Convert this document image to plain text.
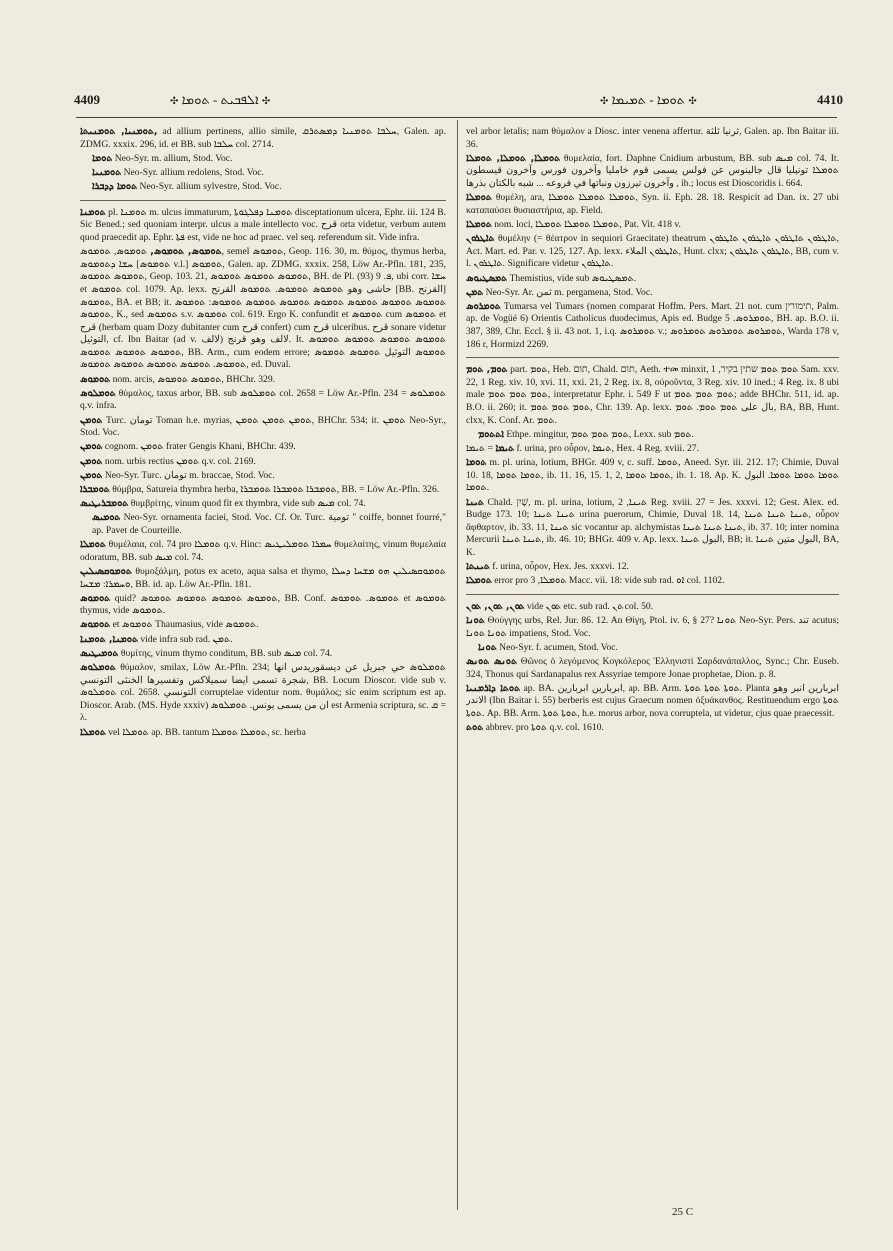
4409	✣ ܐܠܦܒܝܬ - ܬܘܡܐ ✣	✣ ܬܘܡܐ - ܬܡܝܡܐ ✣	4410

ܬܘܡܢܝܐ, ܬܘܡܢܝܬܐ, ad allium pertinens, allio simile, ܚܠܒܐ ܬܘܡܢܝܐ ܕܡܣܬܪܩ, Galen. ap. ZDMG. xxxix. 296, id. et BB. sub ܚܠܒܐ col. 2714.

ܬܘܡܐ Neo-Syr. m. allium, Stod. Voc.

ܬܘܡܢܝܐ Neo-Syr. allium redolens, Stod. Voc.

ܬܘܡܐ ܕܕܒܪܐ Neo-Syr. allium sylvestre, Stod. Voc.

ܬܘܡܢܐ pl. ܬܘܡܢܐ m. ulcus immaturum, ܬܘܡܢܐ ܕܦܠܓܘܬܐ disceptationum ulcera, Ephr. iii. 124 B. Sic Bened.; sed quoniam interpr. ulcus a male intellecto voc. قرح orta videtur, verbum autem quod praecedit ap. Ephr. ܦܬܐ est, vide ne hoc ad praec. vel seq. referendum sit. Vide infra.

ܬܘܡܘܣ, ܬܘܡܘܣ, ܬܘܡܘܣ, ܬܘܡܘܣ, semel ܬܘܡܘܣ, Geop. 116. 30, m. θύμος, thymus herba, ܚܫܐ ܕܬܘܡܘܣ [ܬܘܡܘܣ v.l.] ܬܘܡܘܣ, Galen. ap. ZDMG. xxxix. 258, Löw Ar.-Pfln. 181, 235, ܬܘܡܘܣ ܬܘܡܘܣ, Geop. 103. 21, ܬܘܡܘܣ ܬܘܡܘܣ ܬܘܡܘܣ, BH. de Pl. ܦ. 9 (93), ubi corr. ܚܫܐ et ܬܘܡܘܣ col. 1079. Ap. lexx. حاشى وهو ܬܘܡܘܣ ܬܘܡܘܣ. ܬܘܡܘܣ القرنح [BB. القرنح] ܬܘܡܘܣ, BA. et BB; it. ܬܘܡܘܣ ܬܘܡܘܣ ܬܘܡܘܣ ܬܘܡܘܣ ܬܘܡܘܣ ܬܘܡܘܣ ܬܘܡܘܣ: ܬܘܡܘܣ ܬܘܡܘܣ, K., sed ܬܘܡܘܣ s.v. ܬܘܡܘܣ col. 619. Ergo K. confundit et ܬܘܡܘܣ cum ܬܘܡܘܣ et قرح (herbam quam Dozy dubitanter cum قرح confert) cum قرح ulceribus. قرح sonare videtur التوثيل, cf. Ibn Baitar (ad v. لالف) لالف وهو قرنج. It. ܬܘܡܘܣ ܬܘܡܘܣ ܬܘܡܘܣ ܬܘܡܘܣ ܬܘܡܘܣ ܬܘܡܘܣ ܬܘܡܘܣ, BB. Arm., cum eodem errore; ܬܘܡܘܣ التوثيل ܬܘܡܘܣ ܬܘܡܘܣ ܬܘܡܘܣ. ܬܘܡܘܣ ܬܘܡܘܣ ܬܘܡܘܣ ܬܘܡܘܣ, ed. Duval.

ܬܘܡܘܣ nom. arcis, ܬܘܡܘܣ ܬܘܡܘܣ, BHChr. 329.

ܬܘܡܠܘܣ θύμαλος, taxus arbor, BB. sub ܬܘܡܠܘܣ col. 2658 = Löw Ar.-Pfln. 234 = ܬܘܡܠܘܣ q.v. infra.

ܬܘܡܢ Turc. تومان Toman h.e. myrias, ܬܘܡܢ ܬܘܡܢ ܬܘܡܢ, BHChr. 534; it. ܬܘܡܢ Neo-Syr., Stod. Voc.

ܬܘܡܢ cognom. ܬܘܡܢ frater Gengis Khani, BHChr. 439.

ܬܘܡܢ nom. urbis rectius ܬܘܡܢ q.v. col. 2169.

ܬܘܡܢ Neo-Syr. Turc. تومان m. braccae, Stod. Voc.

ܬܘܡܒܪܐ θύμβρα, Satureia thymbra herba, ܬܘܡܒܪܐ ܬܘܡܒܪܐ ܬܘܡܒܪܐ, BB. = Löw Ar.-Pfln. 326.

ܬܘܡܒܪܝܛܝܣ θυμβρίτης, vinum quod fit ex thymbra, vide sub ܡܝܣ col. 74.

ܬܘܡܝܣ Neo-Syr. ornamenta faciei, Stod. Voc. Cf. Or. Turc. تومية " coiffe, bonnet fourré," ap. Pavet de Courteille.

ܬܘܡܠܐ θυμέλαια, col. 74 pro ܬܘܡܠܐ q.v. Hinc: ܚܡܪܐ ܬܘܡܠܝܛܝܣ θυμελαίτης, vinum θυμελαία odoratum, BB. sub ܡܝܣ col. 74.

ܬܘܡܘܩܣܝܠܝܢ θυμοξάλμη, potus ex aceto, aqua salsa et thymo, ܬܘܡܘܩܣܝܠܝܢ ܗܘ ܡܫܚܐ ܕܚܠܐ ܘܚܡܪܐ: ܡܫܚܐ, BB. id. ap. Löw Ar.-Pfln. 181.

ܬܘܡܘܣ quid? ܬܘܡܘܣ ܬܘܡܘܣ ܬܘܡܘܣ ܬܘܡܘܣ, BB. Conf. ܬܘܡܘܣ. ܬܘܡܘܣ et ܬܘܡܘܣ thymus, vide ܬܘܡܘܣ.

ܬܘܡܘܣ et ܬܘܡܘܣ Thaumasius, vide ܬܘܡܘܣ.

ܬܘܡܢܐ, ܬܘܡܢܐ vide infra sub rad. ܬܡܢ.

ܬܘܡܝܛܝܣ θυμίτης, vinum thymo conditum, BB. sub ܡܝܣ col. 74.

ܬܘܡܠܘܣ θύμαλον, smilax, Löw Ar.-Pfln. 234; ܬܘܡܠܘܣ حي جبريل عن ديسقوريدس انها شجرة تسمى ايضا سميلاكس وتفسيرها الخنثى التونسي, BB. Locum Dioscor. vide sub v. ܬܘܡܠܘܣ col. 2658. التونسي corruptelae videntur nom. θυμάλος; sic enim scriptum est ap. Dioscor. Arab. (MS. Hyde xxxiv) ان من يسمى يونس. ܬܘܡܠܘܣ est Armenia scriptura, sc. ܩ = λ.

ܬܘܡܠܐ vel ܬܘܡܠܐ ap. BB. tantum ܬܘܡܠܐ ܬܘܡܠܐ, sc. herba

vel arbor letalis; nam θύμαλον a Diosc. inter venena affertur. ثرنيا ثلثة, Galen. ap. Ibn Baitar iii. 36.

ܬܘܡܠܐ, ܬܘܡܠܐ, ܬܘܡܠܐ θυμελαία, fort. Daphne Cnidium arbustum, BB. sub ܡܝܣ col. 74. It. ܬܘܡܠܐ تونيليا قال جالينوس عن فولس يسمى قوم خامليا وآخرون فورس وآخرون قيسطون وآخرون تيرزون ونباتها في فروعه ... شبه بالكتان بذرها , ib.; locus est Dioscoridis i. 664.

ܬܘܡܠܐ θυμέλη, ara, ܬܘܡܠܐ ܬܘܡܠܐ ܬܘܡܠܐ, Syn. ii. Eph. 28. 18. Respicit ad Dan. ix. 27 ubi καταπαύσει θυσιαστήρια, ap. Field.

ܬܘܡܠܐ nom. loci, ܬܘܡܠܐ ܬܘܡܠܐ ܬܘܡܠܐ, Pat. Vit. 418 v.

ܬܐܛܪܘܢ θυμέλην (= θέατρον in sequiori Graecitate) theatrum ܬܐܛܪܘܢ ܬܐܛܪܘܢ ܬܐܛܪܘܢ ܬܐܛܪܘܢ, Act. Mart. ed. Par. v. 125, 127. Ap. lexx. ܬܐܛܪܘܢ الملاء, Hunt. clxx; ܬܐܛܪܘܢ ܬܐܛܪܘܢ, BB, cum v. l. ܬܐܛܪܘܢ. Significare videtur ܬܐܛܪܘܢ.

ܬܡܣܛܝܘܣ Themistius, vide sub ܬܡܣܛܝܘܣ.

ܬܡܢ Neo-Syr. Ar. ثمن m. pergamena, Stod. Voc.

ܬܘܡܪܘܣ Tumarsa vel Tumars (nomen comparat Hoffm. Pers. Mart. 21 not. cum תימורין, Palm. ap. de Vogüé 6) Orientis Catholicus duodecimus, Apis ed. Budge ܬܘܡܪܘܣ. 5, BH. ap. B.O. ii. 387, 389, Chr. Eccl. § ii. 43 not. 1, i.q. ܬܘܡܪܘܣ v.; ܬܘܡܪܘܣ ܬܘܡܪܘܣ ܬܘܡܪܘܣ, Warda 178 v, 186 r, Hormizd 2269.

ܬܘܡ, ܬܘܡ part. ܬܘܡ, Heb. תום, Chald. תום, Aeth. ተመ minxit, ܬܘܡ ܬܘܡ שתין בקיר, 1 Sam. xxv. 22, 1 Reg. xiv. 10, xvi. 11, xxi. 21, 2 Reg. ix. 8, οὐροῦντα, 3 Reg. xiv. 10 ined.; 4 Reg. ix. 8 ubi male ܬܘܡ ܬܘܡ ܬܘܡ, interpretatur Ephr. i. 549 F ut ܬܘܡ ܬܘܡ ܬܘܡ; adde BHChr. 511, id. ap. B.O. ii. 260; it. ܬܘܡ ܬܘܡ ܬܘܡ, Chr. 139. Ap. lexx. بال على ܬܘܡ ܬܘܡ. ܬܘܡ, BA, BB, Hunt. clxx, K. Conf. Ar. ܬܘܡ.

ܐܬܬܘܡ Ethpe. mingitur, ܬܘܡ ܬܘܡ ܬܘܡ, Lexx. sub ܬܘܡ.

ܬܝܡܐ = ܬܝܡܐ f. urina, pro οὖρον, ܬܝܡܐ, Hex. 4 Reg. xviii. 27.

ܬܘܡܐ m. pl. urina, lotium, BHGr. 409 v, c. suff. ܬܘܡܐ, Aneed. Syr. iii. 212. 17; Chimie, Duval 10. 18, ܬܘܡܐ ܬܘܡܐ, ib. 11. 16, 15. 1, 2, ܬܘܡܐ ܬܘܡܐ, ib. 1. 18. Ap. K. ܬܘܡܐ ܬܘܡܐ ܬܘܡܐ. البول ܬܘܡܐ.

ܬܝܢܐ Chald. שָׁיִן, m. pl. urina, lotium, ܬܝܢܐ, 2 Reg. xviii. 27 = Jes. xxxvi. 12; Gest. Alex. ed. Budge 173. 10; ܬܝܢܐ ܬܝܢܐ urina puerorum, Chimie, Duval 18. 14, ܬܝܢܐ ܬܝܢܐ ܬܝܢܐ, οὖρον ἄφθαρτον, ib. 33. 11, ܬܝܢܐ sic vocantur ap. alchymistas ܬܝܢܐ ܬܝܢܐ ܬܝܢܐ, ib. 37. 10; inter nomina Mercurii ܬܝܢܐ ܬܝܢܐ, ib. 46. 10; BHGr. 409 v. Ap. lexx. البول ܬܝܢܐ, BB; it. البول متين ܬܝܢܐ, BA, K.

ܬܝܢܬܐ f. urina, οὖρον, Hex. Jes. xxxvi. 12.

ܬܘܡܠܐ error pro ܬܘܡܠܐ, 3 Macc. vii. 18: vide sub rad. ܐܘ col. 1102.

ܬܘܢ, ܬܘܢ, ܬܘܢ vide ܬܘܢ etc. sub rad. ܬܢ col. 50.

ܬܘܢܐ Θούγγης urbs, Rel. Jur. 86. 12. An Θίγη, Ptol. iv. 6, § 27? ܬܘܢܐ Neo-Syr. Pers. تند acutus; ܬܘܢܐ ܬܘܢܐ impatiens, Stod. Voc.

ܬܘܢܐ Neo-Syr. f. acumen, Stod. Voc.

ܬܘܢܣ ܬܘܢܣ Θῶνος ὁ λεγόμενος Κογκόλερος Ἑλληνιστὶ Σαρδανάπαλλος, Sync.; Chr. Euseb. 324, Thonus qui Sardanapalus rex Assyriae tempore Jonae prophetae, Dion. p. 8.

ܬܘܬܐ ܕܐܪܡܢܝܐ ap. BA. ابربارين ابربارين, ap. BB. Arm. ܬܘܬܐ ܬܘܬܐ ܬܘܬܐ. Planta ابربارين انبر وهو الاندر (Ibn Baitar i. 55) berberis est cujus Graecum nomen ὀξυάκανθος. Restituendum ergo ܬܘܬܐ ܬܘܬܐ. Ap. BB. Arm. ܬܘܬܐ ܬܘܬܐ, h.e. morus arbor, nova corruptela, ut videtur, cjus quae praecessit.

ܬܘܬ abbrev. pro ܬܘܬܐ q.v. col. 1610.

25 C
